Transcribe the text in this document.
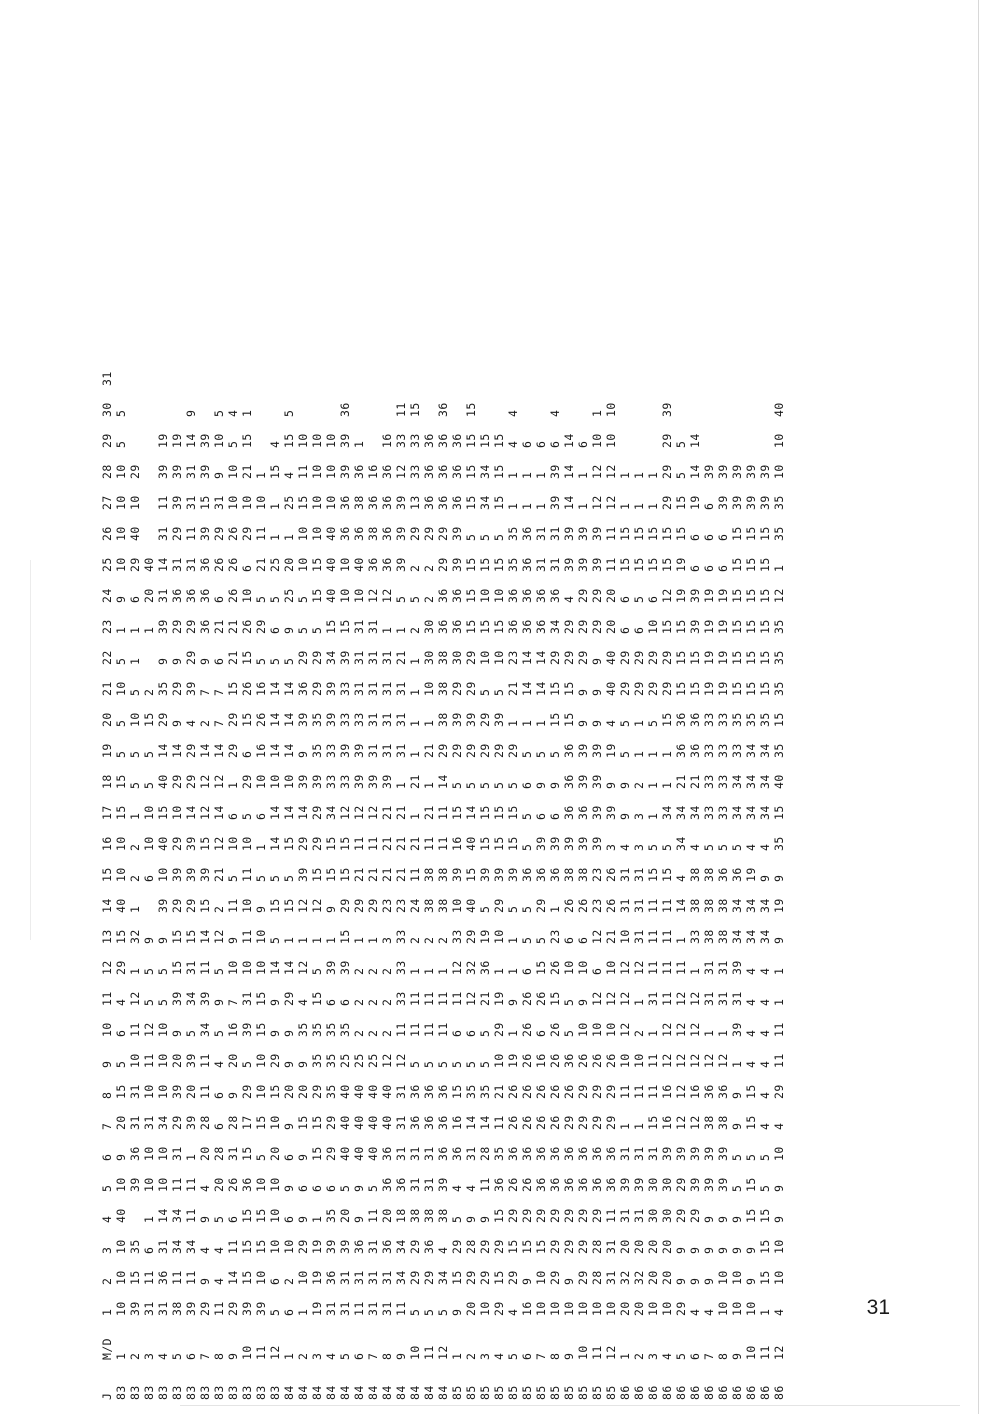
J
M/D
1
2
3
4
5
6
7
8
9
10
11
12
13
14
15
16
17
18
19
20
21
22
23
24
25
26
27
28
29
30
31
83
1
10
10
10
40
10
9
20
15
5
6
4
29
15
40
10
10
15
15
5
5
10
5
1
9
10
10
10
10
5
5
83
2
39
15
35
39
36
31
31
10
11
12
1
32
1
2
2
1
5
5
10
5
1
1
6
29
40
10
29
83
3
31
11
6
1
10
10
31
10
11
12
5
5
9
6
10
10
5
5
15
2
1
20
40
83
4
31
36
31
14
10
10
34
10
10
10
5
5
9
39
10
40
15
40
14
29
35
9
39
31
14
31
11
39
19
83
5
38
11
34
34
11
31
29
39
20
9
39
15
15
29
39
29
10
29
14
9
29
9
29
36
31
29
39
39
19
83
6
39
11
34
11
11
1
39
20
39
5
34
31
15
29
39
39
14
29
29
4
39
29
29
36
31
11
31
31
14
9
83
7
29
9
4
9
4
20
28
11
11
34
39
11
14
15
39
15
12
12
14
2
7
9
36
36
36
39
15
39
39
83
8
11
4
4
5
20
28
6
6
4
5
9
5
12
2
21
12
14
12
14
7
7
6
21
6
26
29
31
9
10
5
83
9
29
14
11
6
26
31
28
9
20
16
7
10
9
11
5
10
6
1
29
29
15
21
21
26
26
26
10
10
5
4
83
10
39
15
15
15
36
15
17
29
5
39
31
10
11
10
11
10
5
29
6
15
26
15
26
10
6
29
10
21
15
1
83
11
39
10
15
15
10
5
15
10
10
15
15
10
10
9
5
1
6
10
16
26
16
5
29
5
21
11
10
1
83
12
5
6
10
10
10
20
10
15
29
9
9
14
5
15
5
14
14
10
14
14
14
5
6
5
25
1
1
15
4
84
1
6
2
10
6
9
6
9
20
9
9
29
14
1
15
5
15
14
10
14
14
14
5
9
25
20
1
25
4
15
5
84
2
1
10
29
9
6
9
15
20
9
35
4
12
1
12
39
29
14
39
9
39
36
29
5
5
10
10
15
11
10
84
3
19
19
19
1
6
15
15
29
35
35
15
5
1
12
15
29
29
39
35
35
29
29
5
15
15
10
10
10
10
84
4
31
36
39
35
6
29
29
35
35
35
6
39
1
9
15
15
34
33
33
39
39
34
15
40
40
40
10
10
10
84
5
31
31
39
20
5
40
40
40
25
35
6
39
15
29
15
15
12
33
39
33
33
39
15
10
10
36
36
39
39
36
84
6
11
31
36
9
9
40
40
40
25
2
2
2
1
29
21
11
12
39
39
33
31
31
31
10
40
36
38
36
1
84
7
31
31
31
11
5
40
40
40
25
2
2
2
1
29
21
11
12
39
31
31
31
31
31
12
36
38
36
16
84
8
31
31
36
20
36
36
40
40
12
2
2
2
3
23
21
21
21
39
31
31
31
31
1
12
36
36
36
36
16
84
9
11
34
34
18
36
31
31
31
12
11
33
33
33
23
21
21
21
1
31
31
31
21
1
5
39
39
39
12
33
11
84
10
5
29
29
38
31
31
36
36
5
11
11
1
2
24
11
21
1
21
1
1
1
1
2
5
2
29
13
33
33
15
84
11
5
29
36
38
31
31
36
36
5
11
11
1
2
38
38
11
21
1
21
1
10
30
30
2
2
29
36
36
36
84
12
5
34
4
38
39
36
36
36
5
11
11
1
2
38
38
11
11
14
29
38
38
38
36
36
29
29
36
36
36
36
85
1
9
15
29
5
4
36
16
15
5
6
11
12
33
10
39
16
15
5
29
39
29
30
36
36
39
39
36
36
36
85
2
20
29
28
9
4
31
14
35
5
6
12
32
29
40
15
40
14
5
29
39
29
29
15
15
15
5
15
15
15
15
85
3
10
29
29
9
11
28
14
35
5
5
21
36
19
5
39
15
15
5
29
29
5
10
15
10
15
5
34
34
15
85
4
29
15
29
15
36
35
11
21
10
29
19
1
10
29
39
15
15
5
29
39
5
10
15
10
15
5
15
15
15
85
5
4
29
15
29
26
36
26
26
19
1
9
1
1
5
39
15
15
5
29
1
21
23
36
36
35
35
1
1
4
4
85
6
16
9
15
29
26
36
26
26
26
26
26
6
5
5
36
5
5
6
5
1
14
14
36
36
36
36
1
1
6
85
7
10
10
15
29
36
36
26
26
16
6
26
15
5
29
36
39
6
9
5
1
14
14
36
36
31
31
1
1
6
85
8
10
29
29
29
36
36
26
26
26
26
15
26
23
1
36
39
6
9
5
15
15
29
34
36
31
31
39
39
6
4
85
9
10
9
29
29
36
36
29
26
36
5
5
10
6
26
38
39
36
36
36
15
15
29
29
4
39
39
14
14
14
85
10
10
29
29
29
36
36
29
29
26
10
9
10
6
26
38
39
36
39
39
9
9
29
29
29
39
39
1
1
6
85
11
10
28
28
29
36
36
29
29
26
10
12
6
12
23
23
39
39
39
39
9
9
9
29
29
39
39
12
12
10
1
85
12
10
31
31
11
36
36
29
29
26
10
12
10
21
26
26
3
39
9
19
4
40
40
20
20
11
11
12
12
10
10
86
1
20
32
20
31
39
31
1
11
10
12
12
12
10
31
31
4
9
9
5
5
29
29
6
6
15
15
1
1
86
2
20
32
20
31
39
31
1
11
10
2
1
12
31
31
31
3
3
2
1
1
29
29
6
5
15
15
1
1
86
3
10
20
20
30
30
31
15
11
11
1
31
11
11
11
15
5
1
1
1
5
29
29
10
6
15
15
1
1
86
4
10
20
20
30
30
39
16
16
12
12
11
11
11
11
15
5
34
1
1
15
29
29
15
12
15
15
29
29
29
39
86
5
29
9
9
29
29
39
12
12
12
12
12
11
1
14
4
34
34
21
36
36
15
15
15
19
19
15
15
5
5
86
6
4
9
9
29
39
39
12
16
12
12
12
1
33
38
38
4
34
21
36
36
15
15
39
39
6
6
19
14
14
86
7
4
9
9
9
39
39
38
36
12
1
31
31
38
38
38
5
33
33
33
33
19
19
19
19
6
6
6
39
86
8
10
10
9
9
39
39
38
36
12
1
31
31
38
38
36
5
33
33
33
33
19
19
19
19
6
6
39
39
86
9
10
10
9
9
5
5
9
9
1
39
31
39
34
34
36
5
34
34
33
35
15
15
15
15
15
15
39
39
86
10
10
9
9
15
15
5
15
15
4
4
4
4
34
34
19
4
34
34
34
35
15
15
15
15
15
15
39
39
86
11
1
15
15
15
5
5
4
4
4
4
4
4
34
34
9
4
34
34
34
35
15
15
15
15
15
15
39
39
86
12
4
10
10
9
9
10
4
29
11
11
1
1
9
19
9
35
15
40
35
15
35
35
35
12
1
35
35
10
10
40
31
